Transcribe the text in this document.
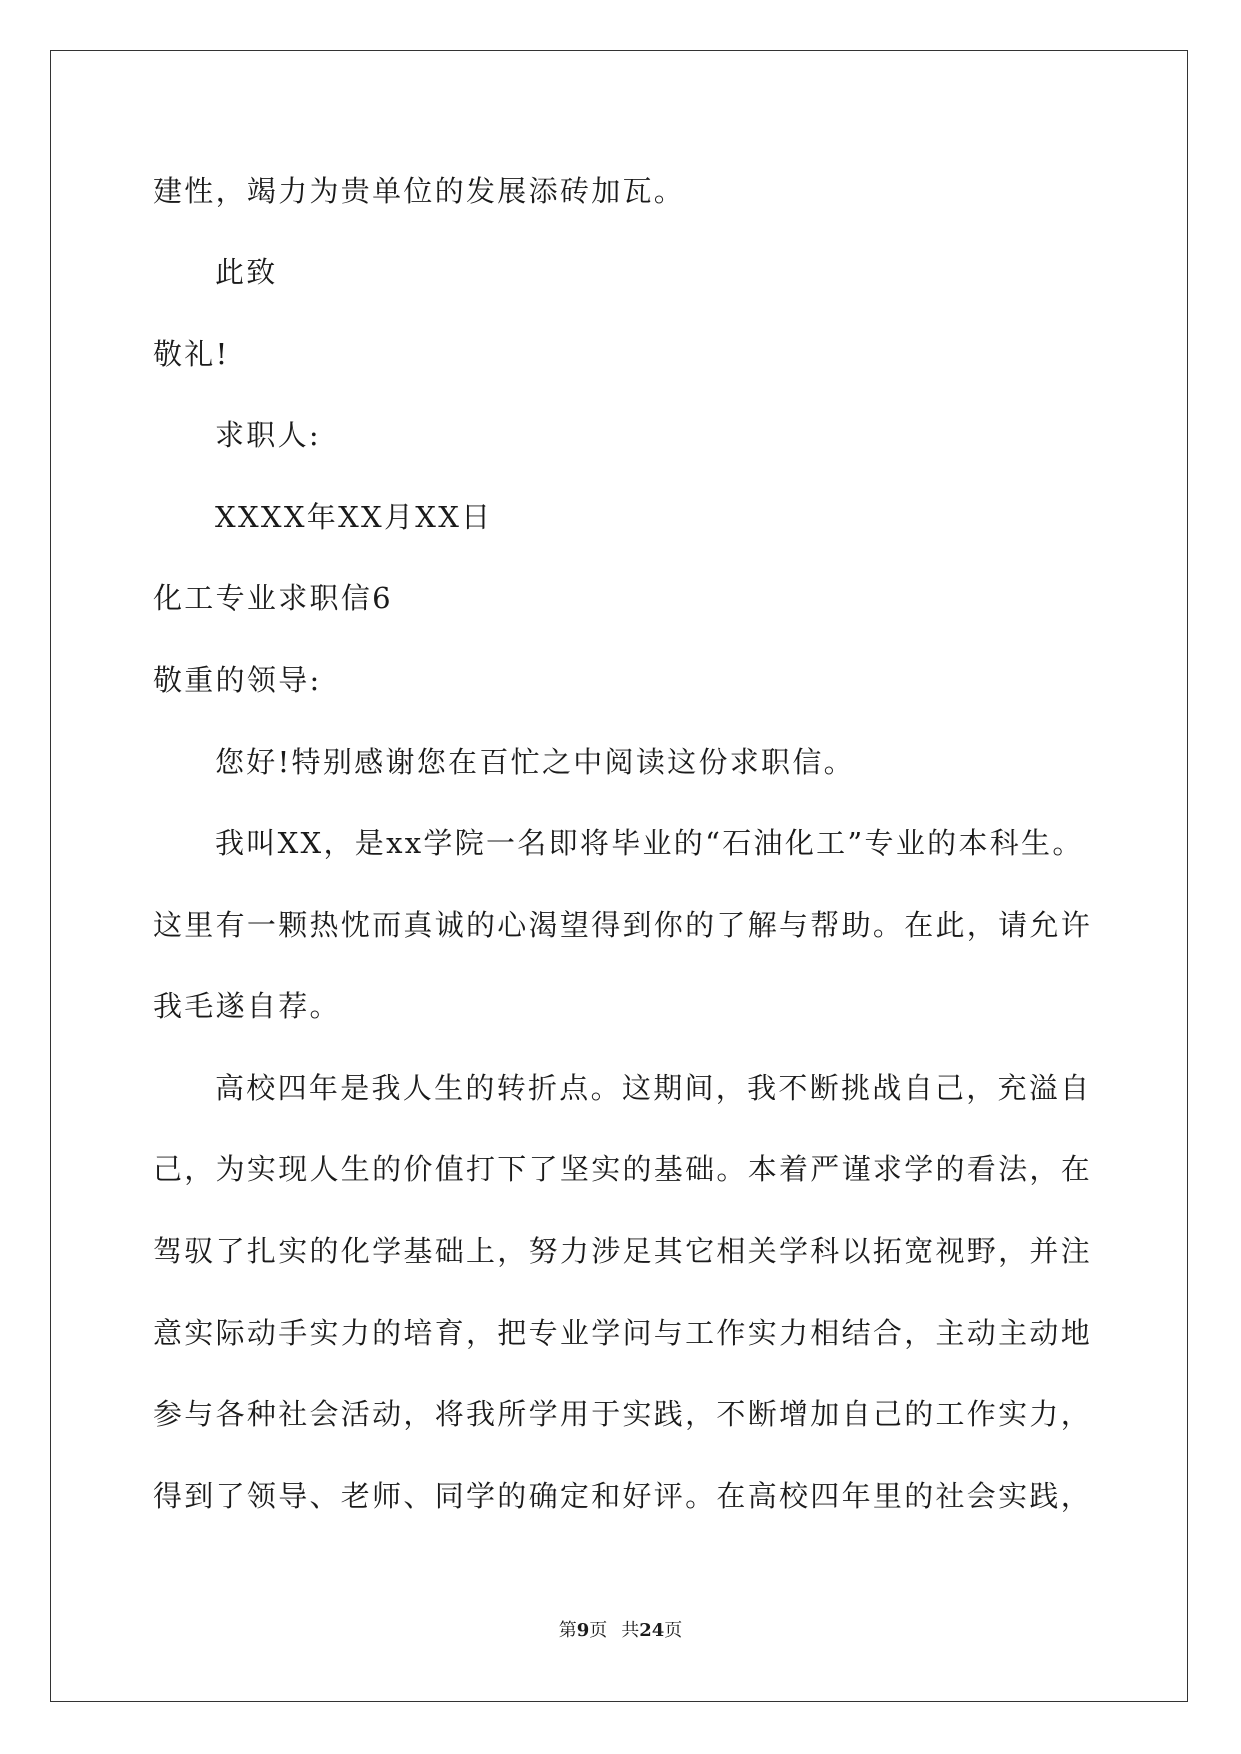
建性，竭力为贵单位的发展添砖加瓦。
此致
敬礼!
求职人:
XXXX年XX月XX日
化工专业求职信6
敬重的领导:
您好!特别感谢您在百忙之中阅读这份求职信。
我叫XX，是xx学院一名即将毕业的“石油化工”专业的本科生。
这里有一颗热忱而真诚的心渴望得到你的了解与帮助。在此，请允许
我毛遂自荐。
高校四年是我人生的转折点。这期间，我不断挑战自己，充溢自
己，为实现人生的价值打下了坚实的基础。本着严谨求学的看法，在
驾驭了扎实的化学基础上，努力涉足其它相关学科以拓宽视野，并注
意实际动手实力的培育，把专业学问与工作实力相结合，主动主动地
参与各种社会活动，将我所学用于实践，不断增加自己的工作实力，
得到了领导、老师、同学的确定和好评。在高校四年里的社会实践，
第9页 共24页
